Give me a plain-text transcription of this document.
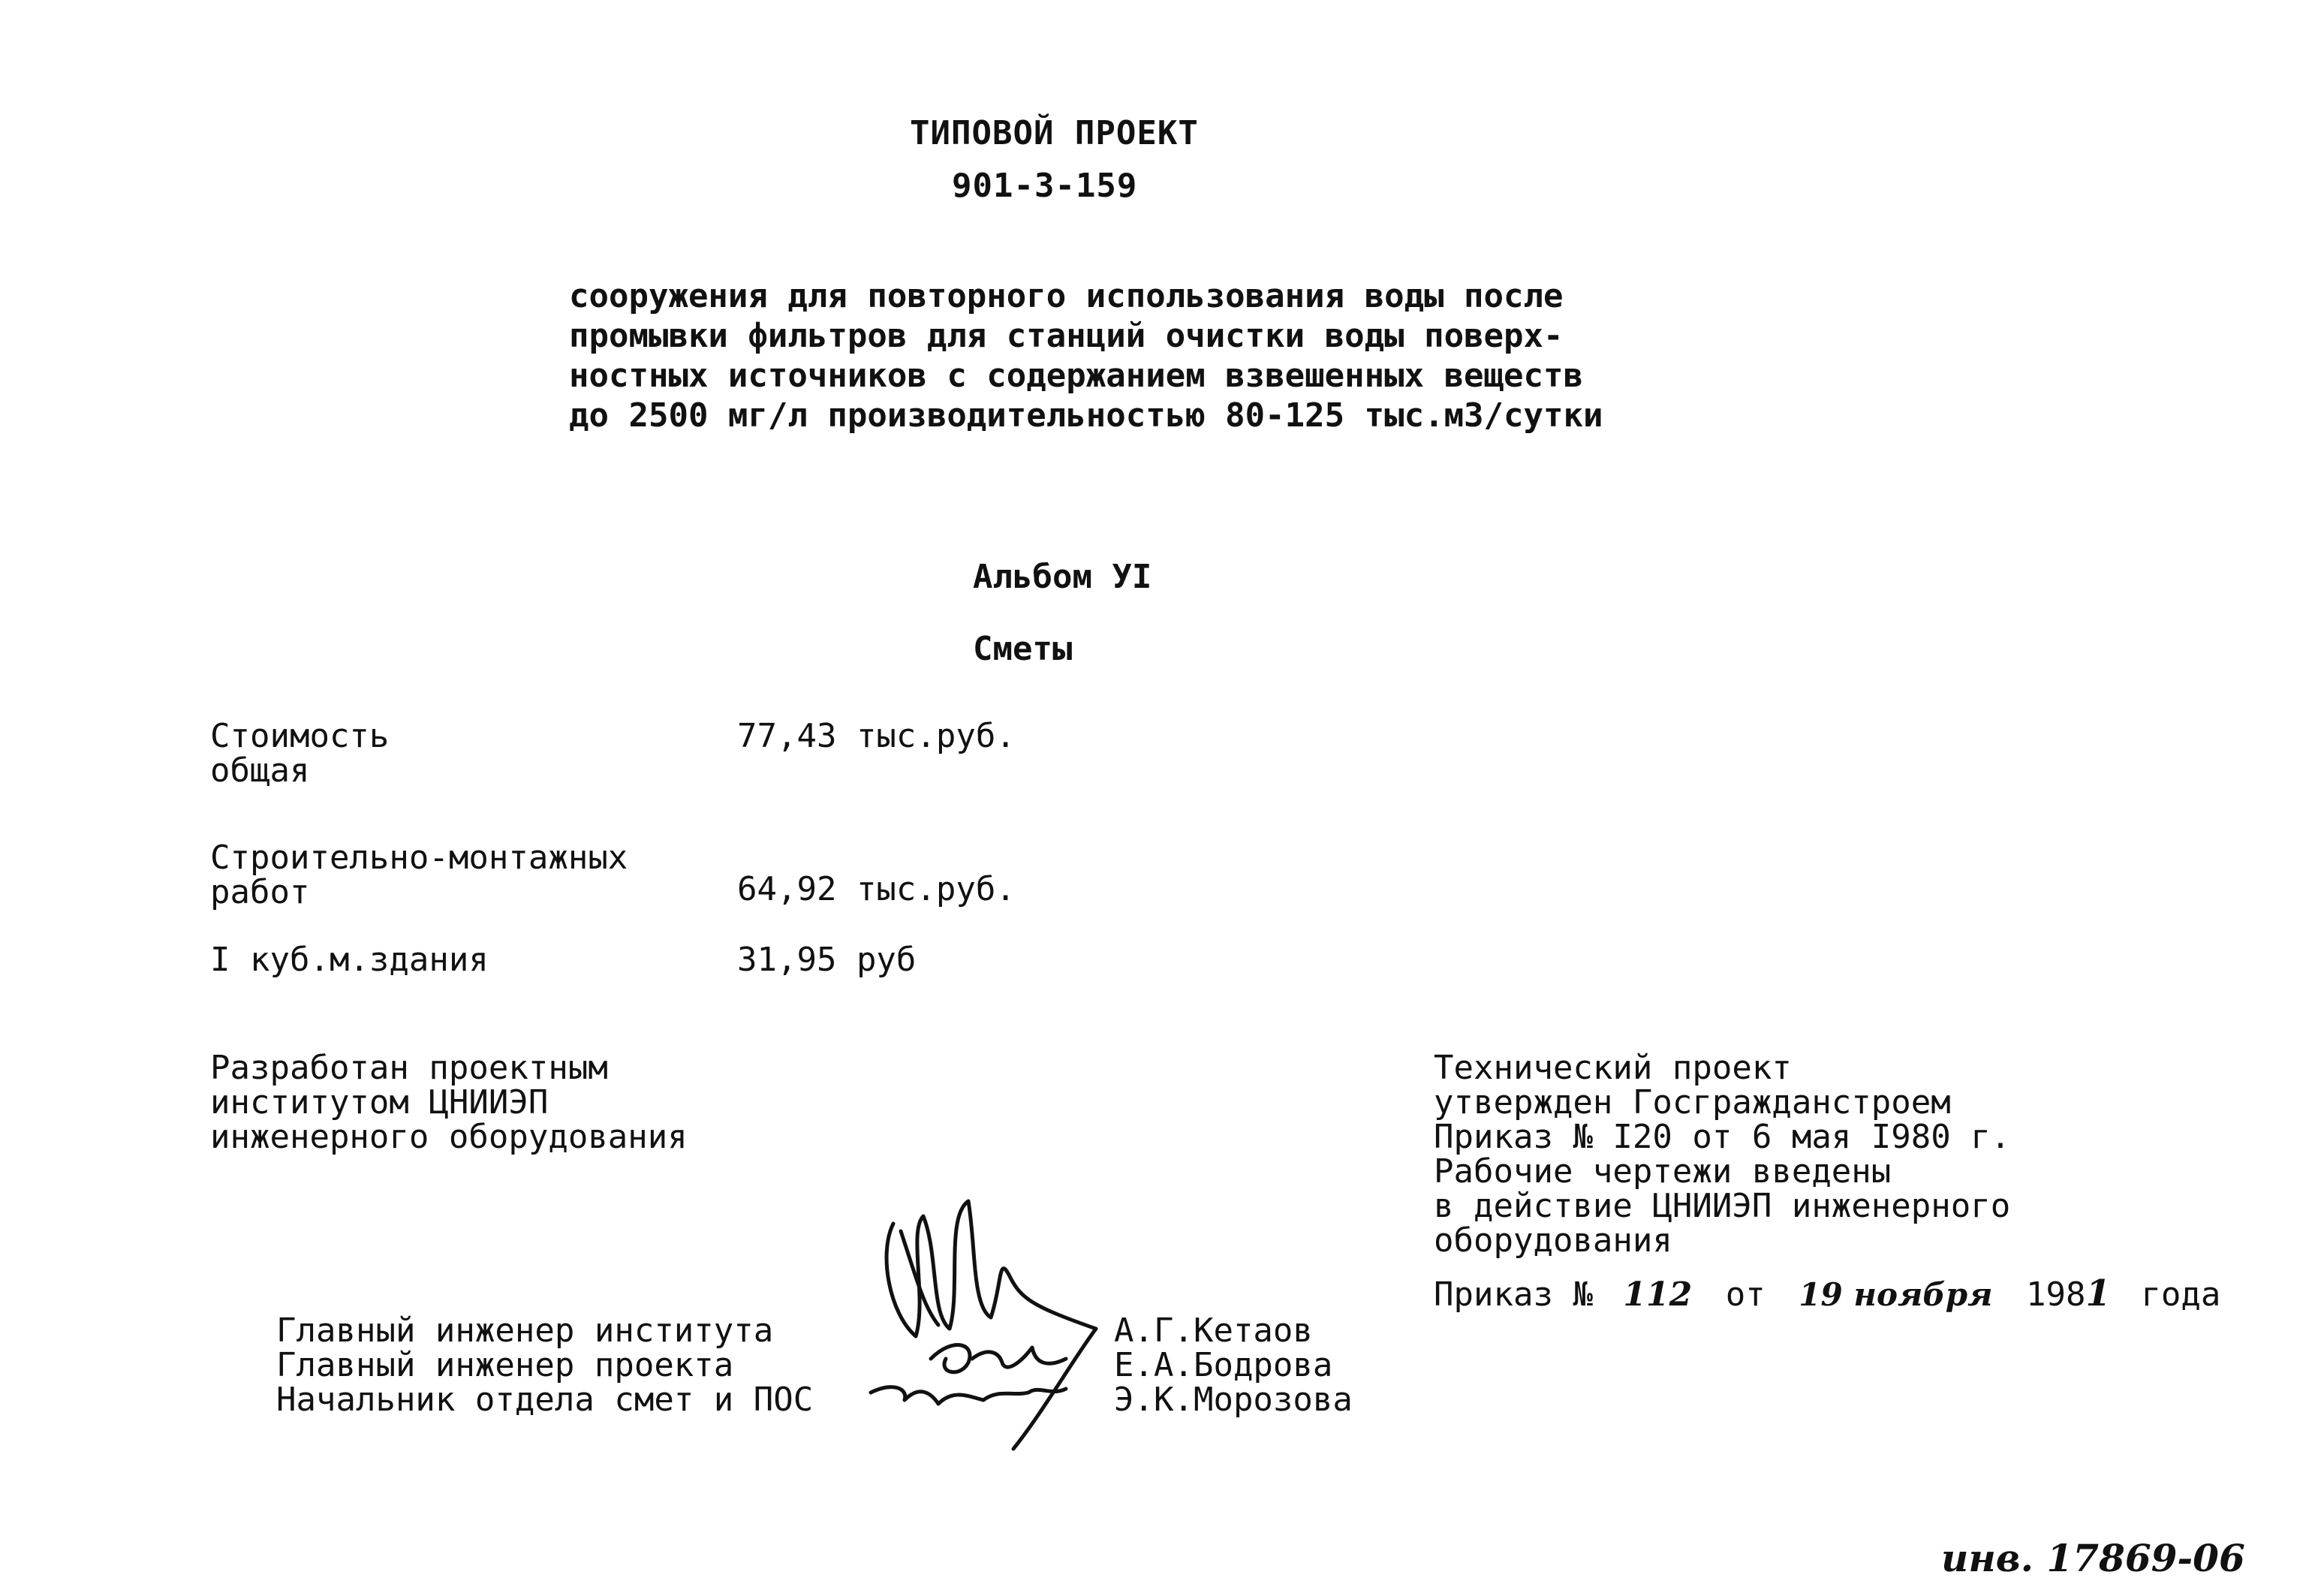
ТИПОВОЙ ПРОЕКТ
901-3-159
сооружения для повторного использования воды после
промывки фильтров для станций очистки воды поверх-
ностных источников с содержанием взвешенных веществ
до 2500 мг/л производительностью 80-125 тыс.м3/сутки
Альбом УI
Сметы
Стоимость
общая
77,43 тыс.руб.
Строительно-монтажных
работ	64,92 тыс.руб.
I куб.м.здания	31,95 руб
Разработан проектным
институтом ЦНИИЭП
инженерного оборудования
Технический проект
утвержден Госгражданстроем
Приказ № I20 от 6 мая I980 г.
Рабочие чертежи введены
в действие ЦНИИЭП инженерного
оборудования
Приказ № 112 от 19 ноября 1981 года
Главный инженер института
Главный инженер проекта
Начальник отдела смет и ПОС
А.Г.Кетаов
Е.А.Бодрова
Э.К.Морозова
инв. 17869-06
